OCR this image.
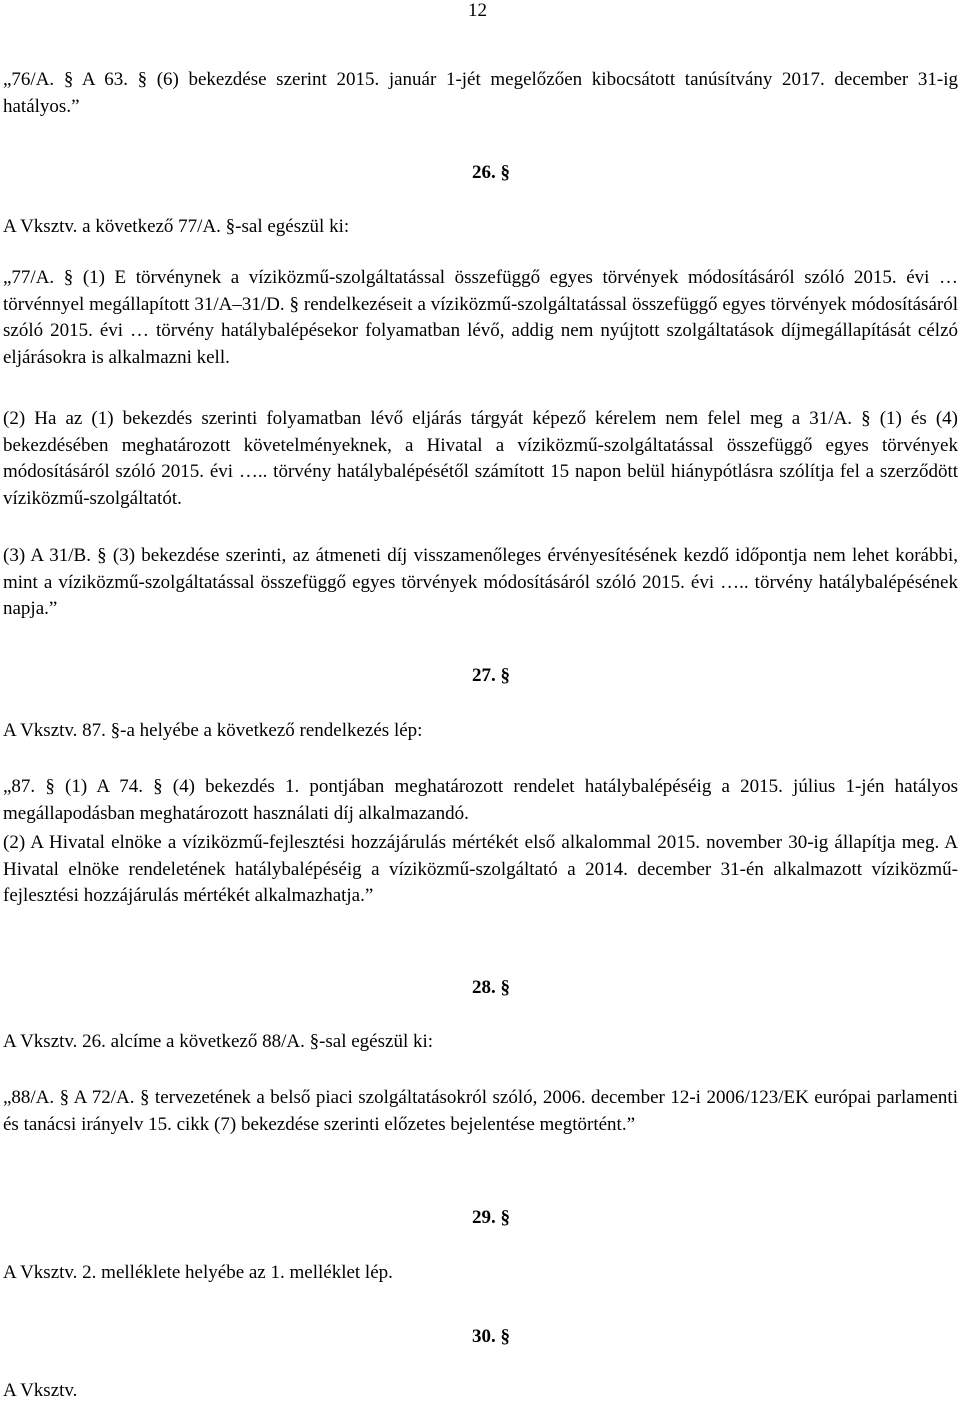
12

„76/A. § A 63. § (6) bekezdése szerint 2015. január 1-jét megelőzően kibocsátott tanúsítvány 2017. december 31-ig hatályos.”

26. §

A Vksztv. a következő 77/A. §-sal egészül ki:

„77/A. § (1) E törvénynek a víziközmű-szolgáltatással összefüggő egyes törvények módosításáról szóló 2015. évi … törvénnyel megállapított 31/A–31/D. § rendelkezéseit a víziközmű-szolgáltatással összefüggő egyes törvények módosításáról szóló 2015. évi … törvény hatálybalépésekor folyamatban lévő, addig nem nyújtott szolgáltatások díjmegállapítását célzó eljárásokra is alkalmazni kell.

(2) Ha az (1) bekezdés szerinti folyamatban lévő eljárás tárgyát képező kérelem nem felel meg a 31/A. § (1) és (4) bekezdésében meghatározott követelményeknek, a Hivatal a víziközmű-szolgáltatással összefüggő egyes törvények módosításáról szóló 2015. évi ….. törvény hatálybalépésétől számított 15 napon belül hiánypótlásra szólítja fel a szerződött víziközmű-szolgáltatót.

(3) A 31/B. § (3) bekezdése szerinti, az átmeneti díj visszamenőleges érvényesítésének kezdő időpontja nem lehet korábbi, mint a víziközmű-szolgáltatással összefüggő egyes törvények módosításáról szóló 2015. évi ….. törvény hatálybalépésének napja.”

27. §

A Vksztv. 87. §-a helyébe a következő rendelkezés lép:

„87. § (1) A 74. § (4) bekezdés 1. pontjában meghatározott rendelet hatálybalépéséig a 2015. július 1-jén hatályos megállapodásban meghatározott használati díj alkalmazandó.

(2) A Hivatal elnöke a víziközmű-fejlesztési hozzájárulás mértékét első alkalommal 2015. november 30-ig állapítja meg. A Hivatal elnöke rendeletének hatálybalépéséig a víziközmű-szolgáltató a 2014. december 31-én alkalmazott víziközmű-fejlesztési hozzájárulás mértékét alkalmazhatja.”

28. §

A Vksztv. 26. alcíme a következő 88/A. §-sal egészül ki:

„88/A. § A 72/A. § tervezetének a belső piaci szolgáltatásokról szóló, 2006. december 12-i 2006/123/EK európai parlamenti és tanácsi irányelv 15. cikk (7) bekezdése szerinti előzetes bejelentése megtörtént.”

29. §

A Vksztv. 2. melléklete helyébe az 1. melléklet lép.

30. §

A Vksztv.
